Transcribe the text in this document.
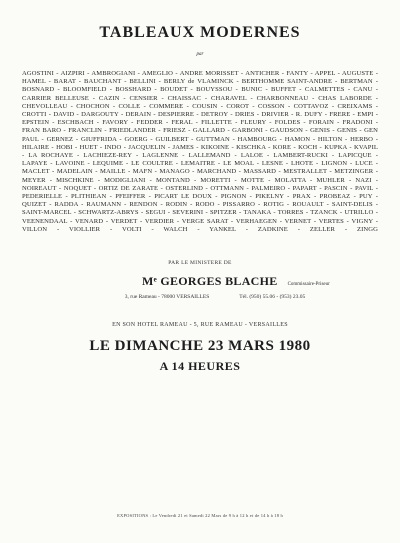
TABLEAUX MODERNES
par
AGOSTINI - AIZPIRI - AMBROGIANI - AMEGLIO - ANDRE MORISSET - ANTICHER - FANTY - APPEL - AUGUSTE - HAMEL - BARAT - BAUCHANT - BELLINI - BERLY de VLAMINCK - BERTHOMME SAINT-ANDRE - BERTMAN - BOSNARD - BLOOMFIELD - BOSSHARD - BOUDET - BOUYSSOU - BUNIC - BUFFET - CALMETTES - CANU - CARRIER BELLEUSE - CAZIN - CENSIER - CHAISSAC - CHARAVEL - CHARBONNEAU - CHAS LABORDE - CHEVOLLEAU - CHOCHON - COLLE - COMMERE - COUSIN - COROT - COSSON - COTTAVOZ - CREIXAMS - CROTTI - DAVID - DARGOUTY - DERAIN - DESPIERRE - DETROY - DRIES - DRIVIER - R. DUFY - FRERE - EMPI - EPSTEIN - ESCHBACH - FAVORY - FEDDER - FERAL - FILLETTE - FLEURY - FOLDES - FORAIN - FRADONI - FRAN BARO - FRANCLIN - FRIEDLANDER - FRIESZ - GALLARD - GARBONI - GAUDSON - GENIS - GENIS - GEN PAUL - GERNEZ - GIUFFRIDA - GOERG - GUILBERT - GUTTMAN - HAMBOURG - HAMON - HILTON - HERBO - HILAIRE - HOBI - HUET - INDO - JACQUELIN - JAMES - KIKOINE - KISCHKA - KORE - KOCH - KUPKA - KVAPIL - LA ROCHAYE - LACHIEZE-REY - LAGLENNE - LALLEMAND - LALOE - LAMBERT-RUCKI - LAPICQUE - LAPAYE - LAVOINE - LEQUIME - LE COULTRE - LEMAITRE - LE MOAL - LESNE - LHOTE - LIGNON - LUCE - MACLET - MADELAIN - MAILLE - MAFN - MANAGO - MARCHAND - MASSARD - MESTRALLET - METZINGER - MEYER - MISCHKINE - MODIGLIANI - MONTAND - MORETTI - MOTTE - MOLATTA - MUHLER - NAZI - NOIREAUT - NOQUET - ORTIZ DE ZARATE - OSTERLIND - OTTMANN - PALMEIRO - PAPART - PASCIN - PAVIL - PEDERIELLE - PLITHIEAN - PFEIFFER - PICART LE DOUX - PIGNON - PIKELNY - PRAX - PROBEAZ - PUY - QUIZET - RADDA - RAUMANN - RENDON - RODIN - RODO - PISSARRO - ROTIG - ROUAULT - SAINT-DELIS - SAINT-MARCEL - SCHWARTZ-ABRYS - SEGUI - SEVERINI - SPITZER - TANAKA - TORRES - TZANCK - UTRILLO - VEENENDAAL - VENARD - VERDET - VERDIER - VERGE SARAT - VERHAEGEN - VERNET - VERTES - VIGNY - VILLON - VIOLLIER - VOLTI - WALCH - YANKEL - ZADKINE - ZELLER - ZINGG
PAR LE MINISTERE DE
Mᵉ GEORGES BLACHE Commissaire-Priseur
3, rue Rameau - 78000 VERSAILLES	Tél. (950) 55.06 - (953) 23.05
EN SON HOTEL RAMEAU - 5, RUE RAMEAU - VERSAILLES
LE DIMANCHE 23 MARS 1980
A 14 HEURES
EXPOSITIONS : Le Vendredi 21 et Samedi 22 Mars de 9 h à 12 h et de 14 h à 18 h
